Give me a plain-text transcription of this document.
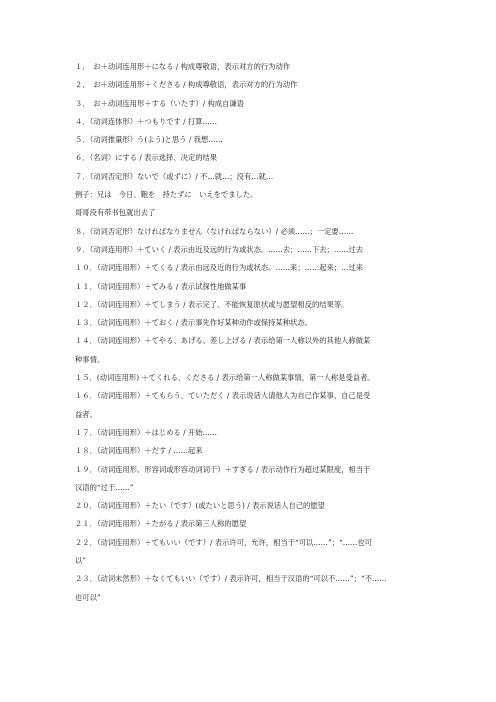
１．　お＋动词连用形＋になる / 构成尊敬语，表示对方的行为动作
２．　お＋动词连用形＋くださる / 构成尊敬语，表示对方的行为动作
３．　お＋动词连用形＋する（いたす）/ 构成自谦语
４．（动词连体形）＋つもりです / 打算……
５．（动词推量形）う(よう)と思う / 我想……
６．（名词）にする / 表示选择、决定的结果
７．（动词否定形）ないで（或ずに）/ 不…就…；没有…就…
例子：兄は　今日、鞄を　持たずに　いえをでました。
哥哥没有带书包就出去了
８．（动词否定形）なければなりません（なければならない）/ 必须……；一定要……
９．（动词连用形）＋ていく / 表示由近及远的行为或状态。……去；……下去；……过去
１０．（动词连用形）＋てくる / 表示由远及近的行为或状态。……来；……起来；…过来
１１．（动词连用形）＋てみる / 表示试探性地做某事
１２．（动词连用形）＋てしまう / 表示完了、不能恢复原状或与愿望相反的结果等。
１３．（动词连用形）＋ておく / 表示事先作好某种动作或保持某种状态。
１４．（动词连用形）＋てやる、あげる、差し上げる / 表示给第一人称以外的其他人称做某
种事情。
１５．(动词连用形) ＋てくれる、くださる / 表示给第一人称做某事情，第一人称是受益者。
１６．（动词连用形）＋てもらう、ていただく / 表示说话人请他人为自己作某事，自己是受
益者。
１７．（动词连用形）＋はじめる / 开始……
１８．（动词连用形）＋だす / ……起来
１９．（动词连用形、形容词或形容动词词干）＋すぎる / 表示动作行为超过某限度，相当于
汉语的“过于……”
２０．（动词连用形）＋たい（です）(或たいと思う) / 表示说话人自己的愿望
２１．（动词连用形）＋たがる / 表示第三人称的愿望
２２．（动词连用形）＋てもいい（です）/ 表示许可，允许，相当于“可以……”；“……也可
以”
２３．（动词未然形）＋なくてもいい（です）/ 表示许可，相当于汉语的“可以不……”；“不……
也可以”
